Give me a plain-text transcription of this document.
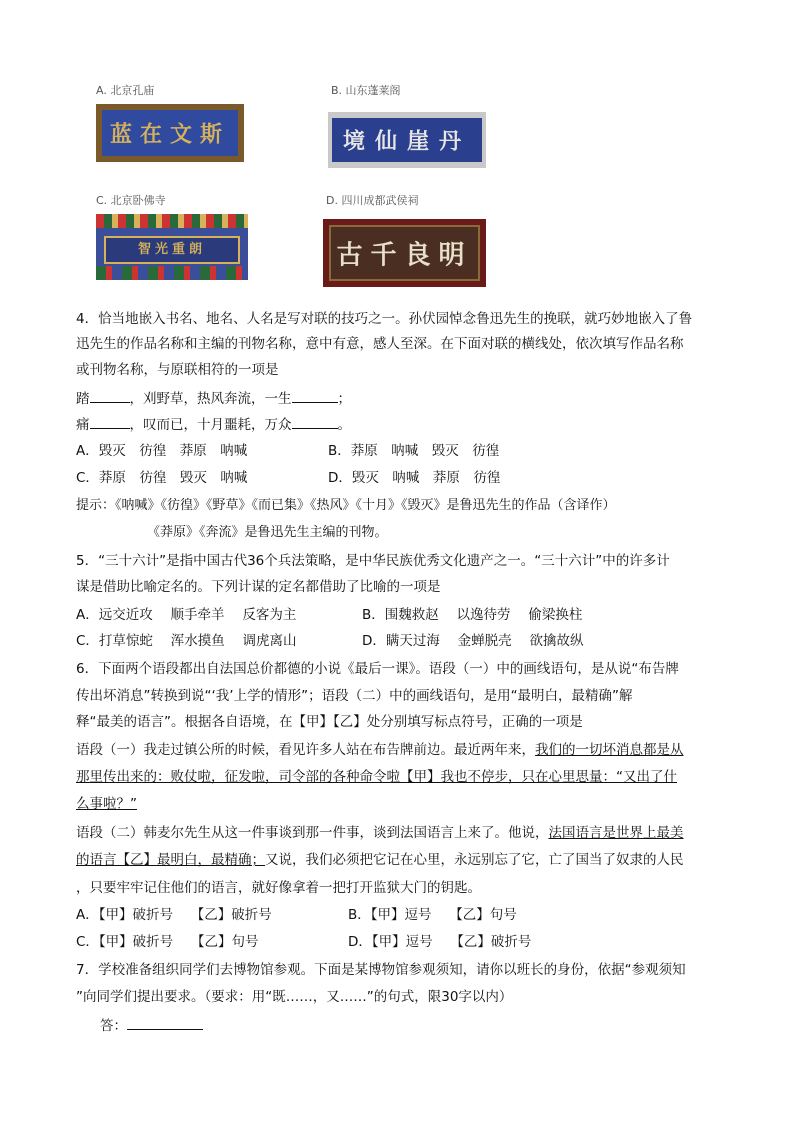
A. 北京孔庙
蓝在文斯
B. 山东蓬莱阁
境仙崖丹
C. 北京卧佛寺
智光重朗
D. 四川成都武侯祠
古千良明
4．恰当地嵌入书名、地名、人名是写对联的技巧之一。孙伏园悼念鲁迅先生的挽联，就巧妙地嵌入了鲁
迅先生的作品名称和主编的刊物名称，意中有意，感人至深。在下面对联的横线处，依次填写作品名称
或刊物名称，与原联相符的一项是
踏	，刈野草，热风奔流，一生	；
痛	，叹而已，十月噩耗，万众	。
A．毁灭　彷徨　莽原　呐喊	B．莽原　呐喊　毁灭　彷徨
C．莽原　彷徨　毁灭　呐喊	D．毁灭　呐喊　莽原　彷徨
提示：《呐喊》《彷徨》《野草》《而已集》《热风》《十月》《毁灭》是鲁迅先生的作品（含译作）
《莽原》《奔流》是鲁迅先生主编的刊物。
5．“三十六计”是指中国古代36个兵法策略，是中华民族优秀文化遗产之一。“三十六计”中的许多计
谋是借助比喻定名的。下列计谋的定名都借助了比喻的一项是
A．远交近攻　 顺手牵羊　 反客为主	B．围魏救赵　 以逸待劳　 偷梁换柱
C．打草惊蛇　 浑水摸鱼　 调虎离山	D．瞒天过海　 金蝉脱壳　 欲擒故纵
6．下面两个语段都出自法国总价都德的小说《最后一课》。语段（一）中的画线语句，是从说“布告牌
传出坏消息”转换到说“‘我’上学的情形”；语段（二）中的画线语句，是用“最明白，最精确”解
释“最美的语言”。根据各自语境，在【甲】【乙】处分别填写标点符号，正确的一项是
语段（一）我走过镇公所的时候，看见许多人站在布告牌前边。最近两年来，我们的一切坏消息都是从
那里传出来的：败仗啦，征发啦，司令部的各种命令啦【甲】我也不停步，只在心里思量：“又出了什
么事啦？”
语段（二）韩麦尔先生从这一件事谈到那一件事，谈到法国语言上来了。他说，法国语言是世界上最美
的语言【乙】最明白，最精确；又说，我们必须把它记在心里，永远别忘了它，亡了国当了奴隶的人民
，只要牢牢记住他们的语言，就好像拿着一把打开监狱大门的钥匙。
A．【甲】破折号　 【乙】破折号	B．【甲】逗号　 【乙】句号
C．【甲】破折号　 【乙】句号	D．【甲】逗号　 【乙】破折号
7．学校准备组织同学们去博物馆参观。下面是某博物馆参观须知，请你以班长的身份，依据“参观须知
”向同学们提出要求。（要求：用“既……，又……”的句式，限30字以内）
答：
